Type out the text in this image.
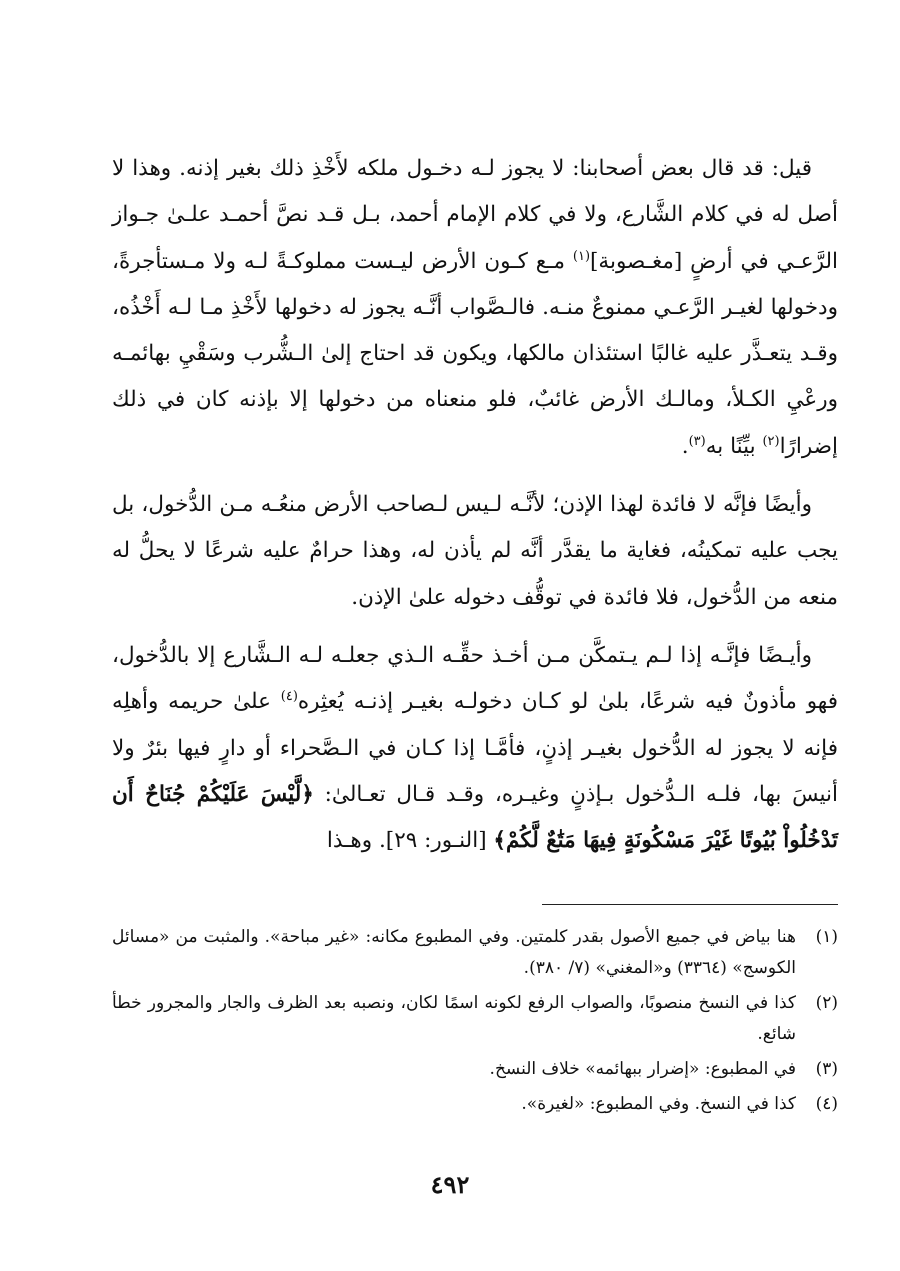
قيل: قد قال بعض أصحابنا: لا يجوز لـه دخـول ملكه لأَخْذِ ذلك بغير إذنه. وهذا لا أصل له في كلام الشَّارع، ولا في كلام الإمام أحمد، بـل قـد نصَّ أحمـد علـىٰ جـواز الرَّعـي في أرضٍ [مغـصوبة]$^{(١)}$ مـع كـون الأرض ليـست مملوكـةً لـه ولا مـستأجرةً، ودخولها لغيـر الرَّعـي ممنوعٌ منـه. فالـصَّواب أنَّـه يجوز له دخولها لأَخْذِ مـا لـه أَخْذُه، وقـد يتعـذَّر عليه غالبًا استئذان مالكها، ويكون قد احتاج إلىٰ الـشُّرب وسَقْيِ بهائمـه ورعْيِ الكـلأ، ومالـك الأرض غائبٌ، فلو منعناه من دخولها إلا بإذنه كان في ذلك إضرارًا$^{(٢)}$ بيِّنًا به$^{(٣)}$.

وأيضًا فإنَّه لا فائدة لهذا الإذن؛ لأنَّـه لـيس لـصاحب الأرض منعُـه مـن الدُّخول، بل يجب عليه تمكينُه، فغاية ما يقدَّر أنَّه لم يأذن له، وهذا حرامٌ عليه شرعًا لا يحلُّ له منعه من الدُّخول، فلا فائدة في توقُّف دخوله علىٰ الإذن.

وأيـضًا فإنَّـه إذا لـم يـتمكَّن مـن أخـذ حقِّـه الـذي جعلـه لـه الـشَّارع إلا بالدُّخول، فهو مأذونٌ فيه شرعًا، بلىٰ لو كـان دخولـه بغيـر إذنـه يُعثِره$^{(٤)}$ علىٰ حريمه وأهلِه فإنه لا يجوز له الدُّخول بغيـر إذنٍ، فأمَّـا إذا كـان في الـصَّحراء أو دارٍ فيها بئرٌ ولا أنيسَ بها، فلـه الـدُّخول بـإذنٍ وغيـره، وقـد قـال تعـالىٰ: ﴿لَّيْسَ عَلَيْكُمْ جُنَاحٌ أَن تَدْخُلُواْ بُيُوتًا غَيْرَ مَسْكُونَةٍ فِيهَا مَتَٰعٌ لَّكُمْ﴾ [النـور: ٢٩]. وهـذا

(١)
هنا بياض في جميع الأصول بقدر كلمتين. وفي المطبوع مكانه: «غير مباحة». والمثبت من «مسائل الكوسج» (٣٣٦٤) و«المغني» (٧/ ٣٨٠).
(٢)
كذا في النسخ منصوبًا، والصواب الرفع لكونه اسمًا لكان، ونصبه بعد الظرف والجار والمجرور خطأ شائع.
(٣)
في المطبوع: «إضرار ببهائمه» خلاف النسخ.
(٤)
كذا في النسخ. وفي المطبوع: «لغيرة».
٤٩٢
